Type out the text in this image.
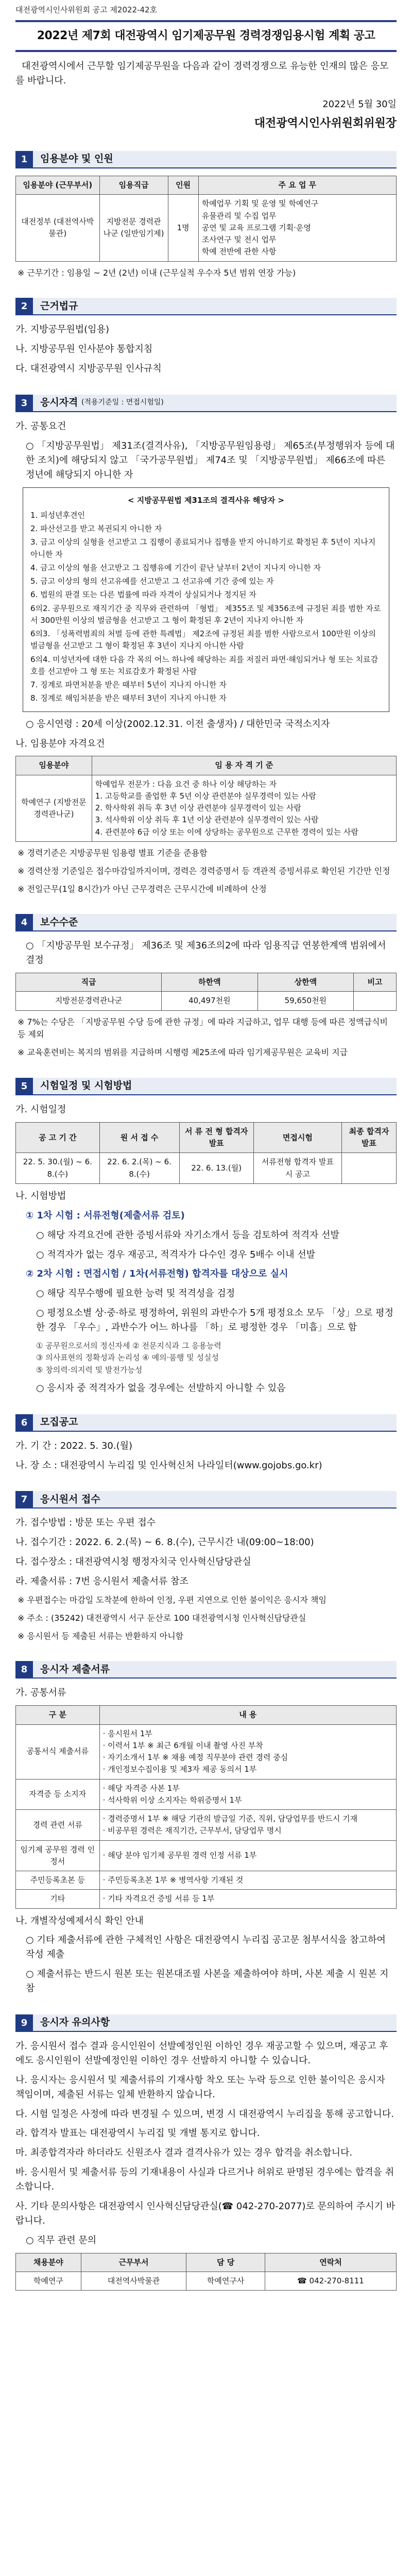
대전광역시인사위원회 공고 제2022-42호
2022년 제7회 대전광역시 임기제공무원 경력경쟁임용시험 계획 공고
대전광역시에서 근무할 임기제공무원을 다음과 같이 경력경쟁으로 유능한 인재의 많은 응모를 바랍니다.
2022년 5월 30일
대전광역시인사위원회위원장
1	임용분야 및 인원
임용분야 (근무부서)	임용직급	인원	주 요 업 무
대전정부 (대전역사박물관)	지방전문 경력관나군 (일반임기제)	1명	학예업무 기획 및 운영 및 학예연구
유물관리 및 수집 업무
공연 및 교육 프로그램 기획·운영
조사연구 및 전시 업무
학예 전반에 관한 사항
※ 근무기간 : 임용일 ~ 2년 (2년) 이내 (근무실적 우수자 5년 범위 연장 가능)
2	근거법규
가. 지방공무원법(임용)
나. 지방공무원 인사분야 통합지침
다. 대전광역시 지방공무원 인사규칙
3	응시자격
(적용기준일 : 면접시험일)
가. 공통요건
○ 「지방공무원법」 제31조(결격사유), 「지방공무원임용령」 제65조(부정행위자 등에 대한 조치)에 해당되지 않고 「국가공무원법」 제74조 및 「지방공무원법」 제66조에 따른 정년에 해당되지 아니한 자
< 지방공무원법 제31조의 결격사유 해당자 >
1. 피성년후견인
2. 파산선고를 받고 복권되지 아니한 자
3. 금고 이상의 실형을 선고받고 그 집행이 종료되거나 집행을 받지 아니하기로 확정된 후 5년이 지나지 아니한 자
4. 금고 이상의 형을 선고받고 그 집행유예 기간이 끝난 날부터 2년이 지나지 아니한 자
5. 금고 이상의 형의 선고유예를 선고받고 그 선고유예 기간 중에 있는 자
6. 법원의 판결 또는 다른 법률에 따라 자격이 상실되거나 정지된 자
6의2. 공무원으로 재직기간 중 직무와 관련하여 「형법」 제355조 및 제356조에 규정된 죄를 범한 자로서 300만원 이상의 벌금형을 선고받고 그 형이 확정된 후 2년이 지나지 아니한 자
6의3. 「성폭력범죄의 처벌 등에 관한 특례법」 제2조에 규정된 죄를 범한 사람으로서 100만원 이상의 벌금형을 선고받고 그 형이 확정된 후 3년이 지나지 아니한 사람
6의4. 미성년자에 대한 다음 각 목의 어느 하나에 해당하는 죄를 저질러 파면·해임되거나 형 또는 치료감호를 선고받아 그 형 또는 치료감호가 확정된 사람
7. 징계로 파면처분을 받은 때부터 5년이 지나지 아니한 자
8. 징계로 해임처분을 받은 때부터 3년이 지나지 아니한 자
○ 응시연령 : 20세 이상(2002.12.31. 이전 출생자) / 대한민국 국적소지자
나. 임용분야 자격요건
임용분야	임 용 자 격 기 준
학예연구 (지방전문경력관나군)	학예업무 전문가 : 다음 요건 중 하나 이상 해당하는 자
1. 고등학교를 졸업한 후 5년 이상 관련분야 실무경력이 있는 사람
2. 학사학위 취득 후 3년 이상 관련분야 실무경력이 있는 사람
3. 석사학위 이상 취득 후 1년 이상 관련분야 실무경력이 있는 사람
4. 관련분야 6급 이상 또는 이에 상당하는 공무원으로 근무한 경력이 있는 사람
※ 경력기준은 지방공무원 임용령 별표 기준을 준용함
※ 경력산정 기준일은 접수마감일까지이며, 경력은 경력증명서 등 객관적 증빙서류로 확인된 기간만 인정
※ 전일근무(1일 8시간)가 아닌 근무경력은 근무시간에 비례하여 산정
4	보수수준
○ 「지방공무원 보수규정」 제36조 및 제36조의2에 따라 임용직급 연봉한계액 범위에서 결정
직급	하한액	상한액	비고
지방전문경력관나군	40,497천원	59,650천원	
※ 7%는 수당은 「지방공무원 수당 등에 관한 규정」에 따라 지급하고, 업무 대행 등에 따른 정액급식비 등 제외
※ 교육훈련비는 복지의 범위를 지급하며 시행령 제25조에 따라 임기제공무원은 교육비 지급
5	시험일정 및 시험방법
가. 시험일정
공 고 기 간	원 서 접 수	서 류 전 형 합격자 발표	면접시험	최종 합격자 발표
22. 5. 30.(월) ~ 6. 8.(수)	22. 6. 2.(목) ~ 6. 8.(수)	22. 6. 13.(월)	서류전형 합격자 발표 시 공고	
나. 시험방법
① 1차 시험 : 서류전형(제출서류 검토)
○ 해당 자격요건에 관한 증빙서류와 자기소개서 등을 검토하여 적격자 선발
○ 적격자가 없는 경우 재공고, 적격자가 다수인 경우 5배수 이내 선발
② 2차 시험 : 면접시험 / 1차(서류전형) 합격자를 대상으로 실시
○ 해당 직무수행에 필요한 능력 및 적격성을 검정
○ 평정요소별 상·중·하로 평정하여, 위원의 과반수가 5개 평정요소 모두 「상」으로 평정한 경우 「우수」, 과반수가 어느 하나를 「하」로 평정한 경우 「미흡」으로 함
① 공무원으로서의 정신자세 ② 전문지식과 그 응용능력
③ 의사표현의 정확성과 논리성 ④ 예의·품행 및 성실성
⑤ 창의력·의지력 및 발전가능성
○ 응시자 중 적격자가 없을 경우에는 선발하지 아니할 수 있음
6	모집공고
가. 기 간 : 2022. 5. 30.(월)
나. 장 소 : 대전광역시 누리집 및 인사혁신처 나라일터(www.gojobs.go.kr)
7	응시원서 접수
가. 접수방법 : 방문 또는 우편 접수
나. 접수기간 : 2022. 6. 2.(목) ~ 6. 8.(수), 근무시간 내(09:00~18:00)
다. 접수장소 : 대전광역시청 행정자치국 인사혁신담당관실
라. 제출서류 : 7번 응시원서 제출서류 참조
※ 우편접수는 마감일 도착분에 한하여 인정, 우편 지연으로 인한 불이익은 응시자 책임
※ 주소 : (35242) 대전광역시 서구 둔산로 100 대전광역시청 인사혁신담당관실
※ 응시원서 등 제출된 서류는 반환하지 아니함
8	응시자 제출서류
가. 공통서류
구 분	내 용
공통서식 제출서류	· 응시원서 1부
· 이력서 1부 ※ 최근 6개월 이내 촬영 사진 부착
· 자기소개서 1부 ※ 채용 예정 직무분야 관련 경력 중심
· 개인정보수집이용 및 제3자 제공 동의서 1부
자격증 등 소지자	· 해당 자격증 사본 1부
· 석사학위 이상 소지자는 학위증명서 1부
경력 관련 서류	· 경력증명서 1부 ※ 해당 기관의 발급일 기준, 직위, 담당업무를 반드시 기재
· 비공무원 경력은 재직기간, 근무부서, 담당업무 명시
임기제 공무원 경력 인정서	· 해당 분야 임기제 공무원 경력 인정 서류 1부
주민등록초본 등	· 주민등록초본 1부 ※ 병역사항 기재된 것
기타	· 기타 자격요건 증빙 서류 등 1부
나. 개별작성예제서식 확인 안내
○ 기타 제출서류에 관한 구체적인 사항은 대전광역시 누리집 공고문 첨부서식을 참고하여 작성 제출
○ 제출서류는 반드시 원본 또는 원본대조필 사본을 제출하여야 하며, 사본 제출 시 원본 지참
9	응시자 유의사항
가. 응시원서 접수 결과 응시인원이 선발예정인원 이하인 경우 재공고할 수 있으며, 재공고 후에도 응시인원이 선발예정인원 이하인 경우 선발하지 아니할 수 있습니다.
나. 응시자는 응시원서 및 제출서류의 기재사항 착오 또는 누락 등으로 인한 불이익은 응시자 책임이며, 제출된 서류는 일체 반환하지 않습니다.
다. 시험 일정은 사정에 따라 변경될 수 있으며, 변경 시 대전광역시 누리집을 통해 공고합니다.
라. 합격자 발표는 대전광역시 누리집 및 개별 통지로 합니다.
마. 최종합격자라 하더라도 신원조사 결과 결격사유가 있는 경우 합격을 취소합니다.
바. 응시원서 및 제출서류 등의 기재내용이 사실과 다르거나 허위로 판명된 경우에는 합격을 취소합니다.
사. 기타 문의사항은 대전광역시 인사혁신담당관실(☎ 042-270-2077)로 문의하여 주시기 바랍니다.
○ 직무 관련 문의
채용분야	근무부서	담 당	연락처
학예연구	대전역사박물관	학예연구사	☎ 042-270-8111
